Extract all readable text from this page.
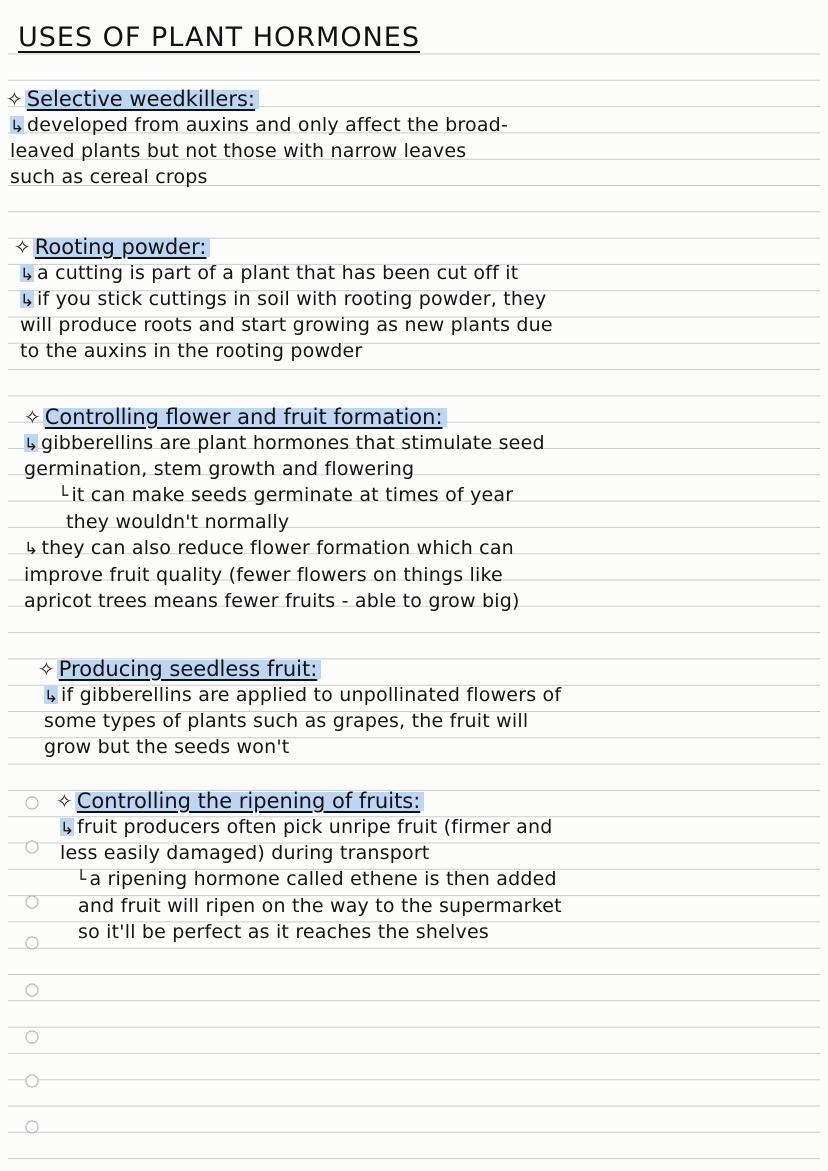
USES OF PLANT HORMONES
✧ Selective weedkillers:
↳ developed from auxins and only affect the broad-
leaved plants but not those with narrow leaves
such as cereal crops
✧ Rooting powder:
↳ a cutting is part of a plant that has been cut off it
↳ if you stick cuttings in soil with rooting powder, they
will produce roots and start growing as new plants due
to the auxins in the rooting powder
✧ Controlling flower and fruit formation:
↳ gibberellins are plant hormones that stimulate seed
germination, stem growth and flowering
└ it can make seeds germinate at times of year
they wouldn't normally
↳ they can also reduce flower formation which can
improve fruit quality (fewer flowers on things like
apricot trees means fewer fruits - able to grow big)
✧ Producing seedless fruit:
↳ if gibberellins are applied to unpollinated flowers of
some types of plants such as grapes, the fruit will
grow but the seeds won't
✧ Controlling the ripening of fruits:
↳ fruit producers often pick unripe fruit (firmer and
less easily damaged) during transport
└ a ripening hormone called ethene is then added
and fruit will ripen on the way to the supermarket
so it'll be perfect as it reaches the shelves
